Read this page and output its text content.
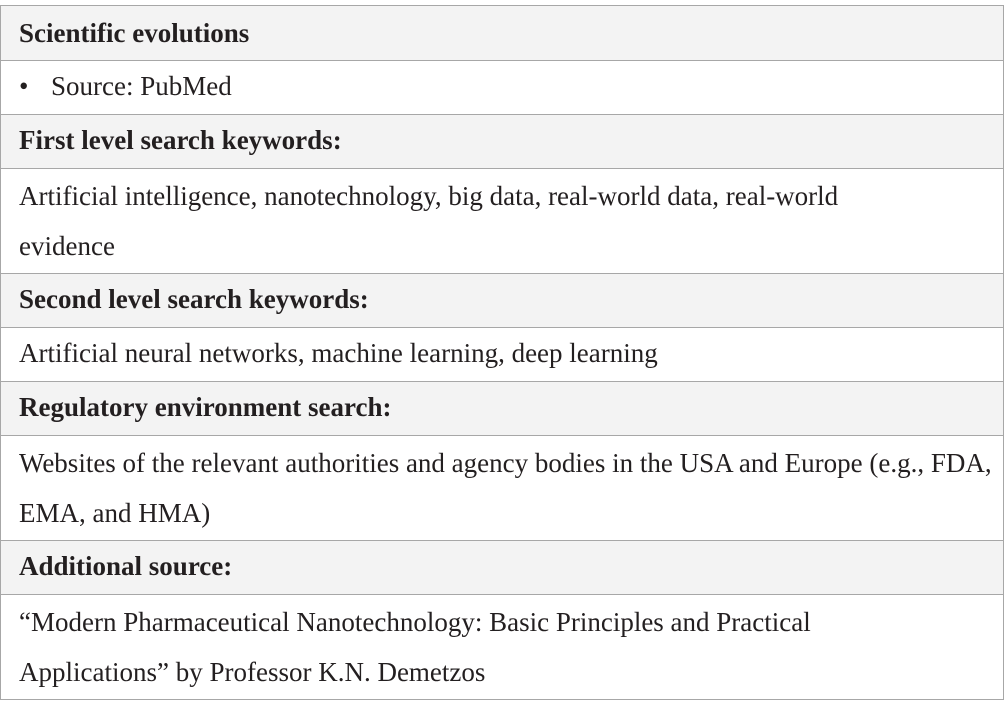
Scientific evolutions
• Source: PubMed
First level search keywords:
Artificial intelligence, nanotechnology, big data, real-world data, real-world evidence
Second level search keywords:
Artificial neural networks, machine learning, deep learning
Regulatory environment search:
Websites of the relevant authorities and agency bodies in the USA and Europe (e.g., FDA, EMA, and HMA)
Additional source:
“Modern Pharmaceutical Nanotechnology: Basic Principles and Practical Applications” by Professor K.N. Demetzos
